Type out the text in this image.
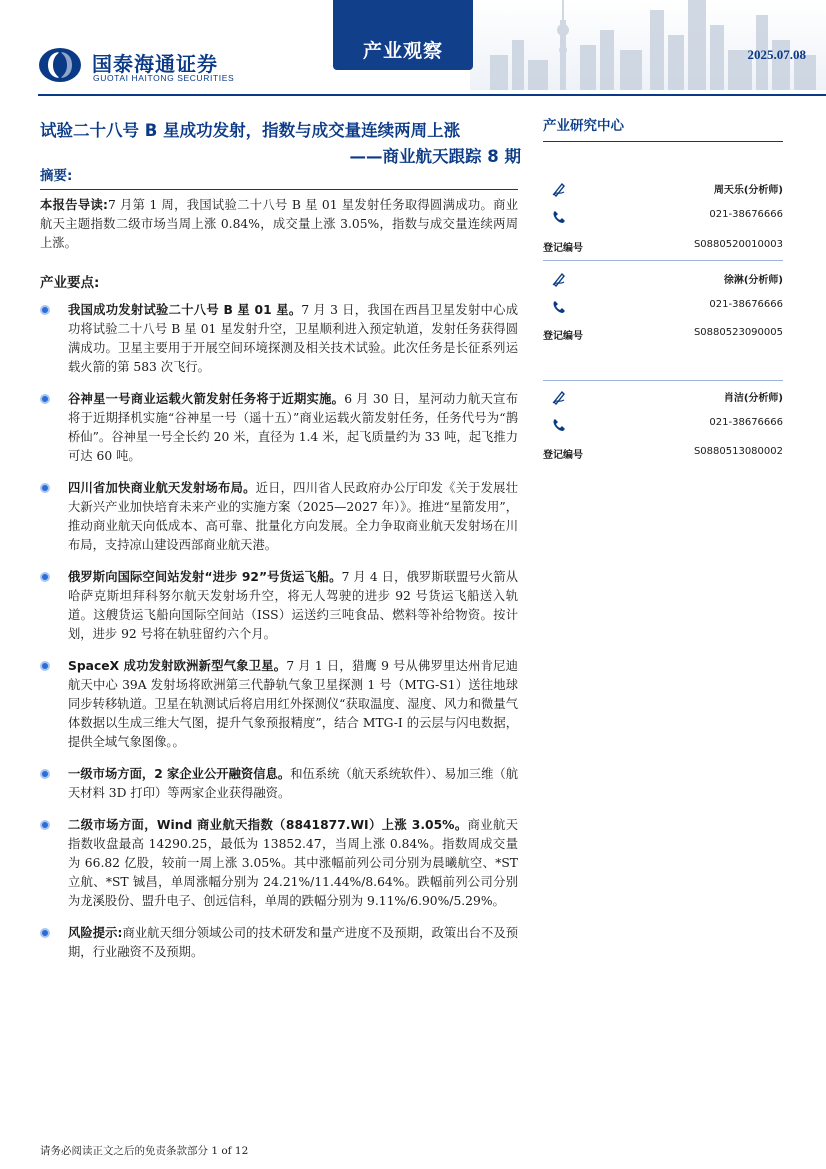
国泰海通证券
GUOTAI HAITONG SECURITIES
产业观察	2025.07.08
试验二十八号 B 星成功发射，指数与成交量连续两周上涨
——商业航天跟踪 8 期
摘要:
本报告导读:7 月第 1 周，我国试验二十八号 B 星 01 星发射任务取得圆满成功。商业航天主题指数二级市场当周上涨 0.84%，成交量上涨 3.05%，指数与成交量连续两周上涨。
产业要点:
我国成功发射试验二十八号 B 星 01 星。7 月 3 日，我国在西昌卫星发射中心成功将试验二十八号 B 星 01 星发射升空，卫星顺利进入预定轨道，发射任务获得圆满成功。卫星主要用于开展空间环境探测及相关技术试验。此次任务是长征系列运载火箭的第 583 次飞行。
谷神星一号商业运载火箭发射任务将于近期实施。6 月 30 日，星河动力航天宣布将于近期择机实施“谷神星一号（遥十五）”商业运载火箭发射任务，任务代号为“鹊桥仙”。谷神星一号全长约 20 米，直径为 1.4 米，起飞质量约为 33 吨，起飞推力可达 60 吨。
四川省加快商业航天发射场布局。近日，四川省人民政府办公厅印发《关于发展壮大新兴产业加快培育未来产业的实施方案（2025—2027 年）》。推进“星箭发用”，推动商业航天向低成本、高可靠、批量化方向发展。全力争取商业航天发射场在川布局，支持凉山建设西部商业航天港。
俄罗斯向国际空间站发射“进步 92”号货运飞船。7 月 4 日，俄罗斯联盟号火箭从哈萨克斯坦拜科努尔航天发射场升空，将无人驾驶的进步 92 号货运飞船送入轨道。这艘货运飞船向国际空间站（ISS）运送约三吨食品、燃料等补给物资。按计划，进步 92 号将在轨驻留约六个月。
SpaceX 成功发射欧洲新型气象卫星。7 月 1 日，猎鹰 9 号从佛罗里达州肯尼迪航天中心 39A 发射场将欧洲第三代静轨气象卫星探测 1 号（MTG-S1）送往地球同步转移轨道。卫星在轨测试后将启用红外探测仪“获取温度、湿度、风力和微量气体数据以生成三维大气图，提升气象预报精度”，结合 MTG-I 的云层与闪电数据，提供全域气象图像。。
一级市场方面，2 家企业公开融资信息。和伍系统（航天系统软件）、易加三维（航天材料 3D 打印）等两家企业获得融资。
二级市场方面，Wind 商业航天指数（8841877.WI）上涨 3.05%。商业航天指数收盘最高 14290.25，最低为 13852.47，当周上涨 0.84%。指数周成交量为 66.82 亿股，较前一周上涨 3.05%。其中涨幅前列公司分别为晨曦航空、*ST 立航、*ST 铖昌，单周涨幅分别为 24.21%/11.44%/8.64%。跌幅前列公司分别为龙溪股份、盟升电子、创远信科，单周的跌幅分别为 9.11%/6.90%/5.29%。
风险提示:商业航天细分领域公司的技术研发和量产进度不及预期，政策出台不及预期，行业融资不及预期。
产业研究中心
周天乐(分析师)
021-38676666
登记编号	S0880520010003
徐淋(分析师)
021-38676666
登记编号	S0880523090005
肖洁(分析师)
021-38676666
登记编号	S0880513080002
请务必阅读正文之后的免责条款部分 1 of 12
